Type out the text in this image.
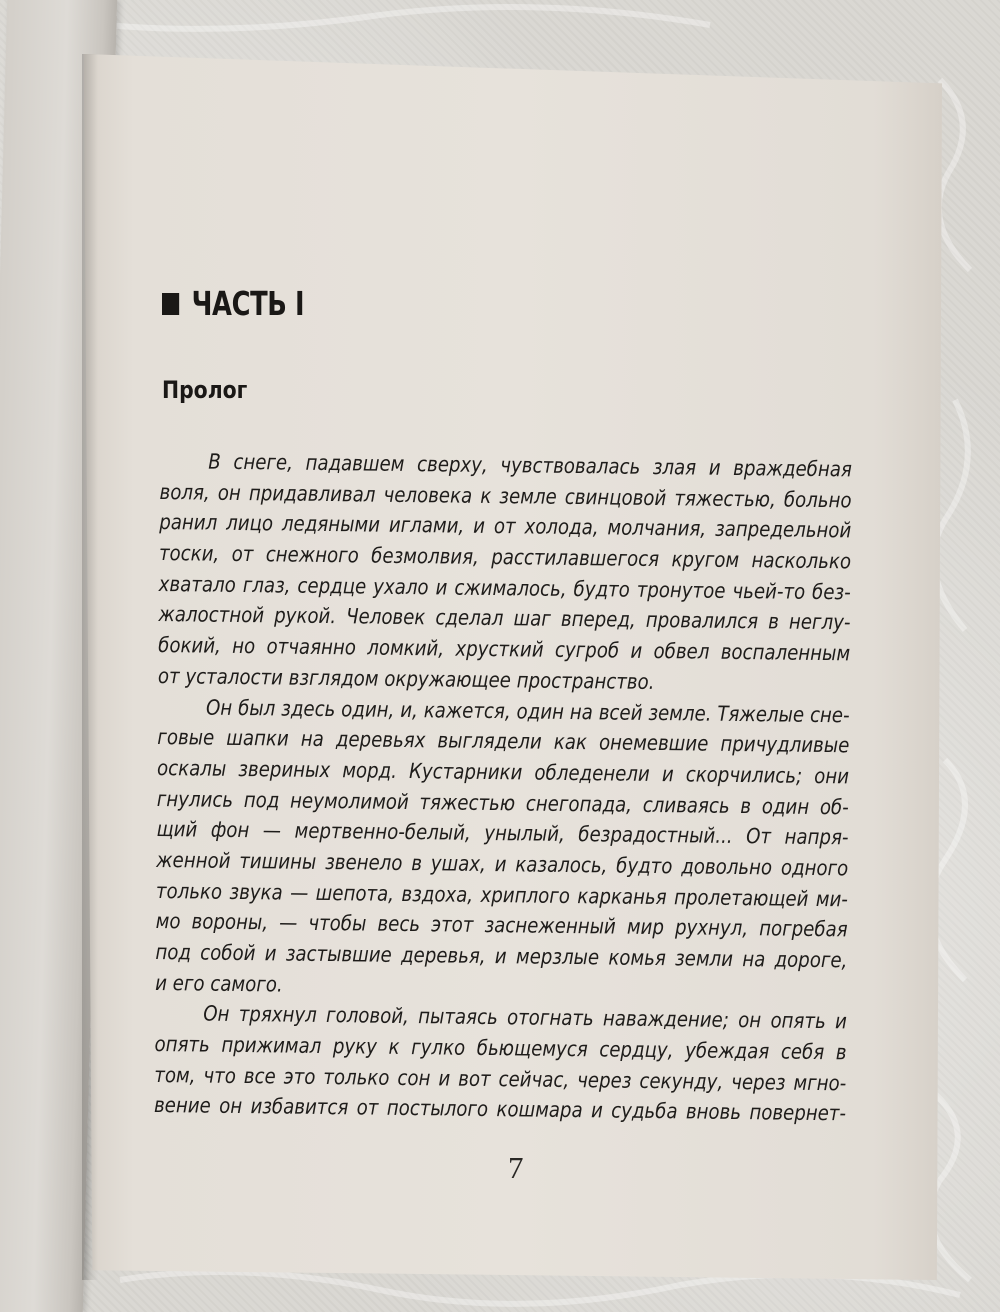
ЧАСТЬ I
Пролог
В снеге, падавшем сверху, чувствовалась злая и враждебная
воля, он придавливал человека к земле свинцовой тяжестью, больно
ранил лицо ледяными иглами, и от холода, молчания, запредельной
тоски, от снежного безмолвия, расстилавшегося кругом насколько
хватало глаз, сердце ухало и сжималось, будто тронутое чьей-то без-
жалостной рукой. Человек сделал шаг вперед, провалился в неглу-
бокий, но отчаянно ломкий, хрусткий сугроб и обвел воспаленным
от усталости взглядом окружающее пространство.
Он был здесь один, и, кажется, один на всей земле. Тяжелые сне-
говые шапки на деревьях выглядели как онемевшие причудливые
оскалы звериных морд. Кустарники обледенели и скорчились; они
гнулись под неумолимой тяжестью снегопада, сливаясь в один об-
щий фон — мертвенно-белый, унылый, безрадостный... От напря-
женной тишины звенело в ушах, и казалось, будто довольно одного
только звука — шепота, вздоха, хриплого карканья пролетающей ми-
мо вороны, — чтобы весь этот заснеженный мир рухнул, погребая
под собой и застывшие деревья, и мерзлые комья земли на дороге,
и его самого.
Он тряхнул головой, пытаясь отогнать наваждение; он опять и
опять прижимал руку к гулко бьющемуся сердцу, убеждая себя в
том, что все это только сон и вот сейчас, через секунду, через мгно-
вение он избавится от постылого кошмара и судьба вновь повернет-
7
